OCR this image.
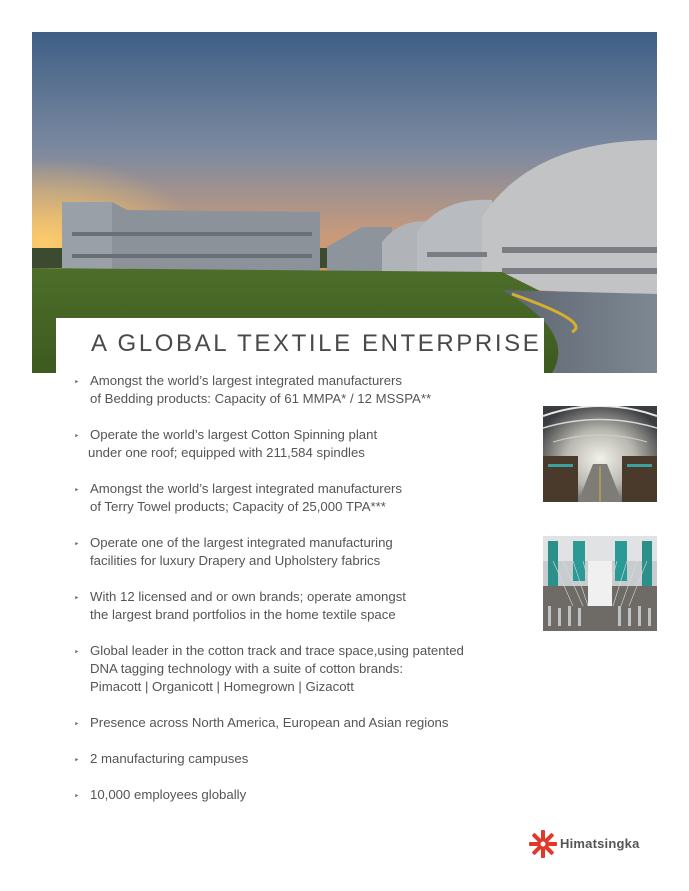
A GLOBAL TEXTILE ENTERPRISE
‣ Amongst the world’s largest integrated manufacturers
of Bedding products: Capacity of 61 MMPA* / 12 MSSPA**
‣ Operate the world’s largest Cotton Spinning plant
under one roof; equipped with 211,584 spindles
‣ Amongst the world’s largest integrated manufacturers
of Terry Towel products; Capacity of 25,000 TPA***
‣ Operate one of the largest integrated manufacturing
facilities for luxury Drapery and Upholstery fabrics
‣ With 12 licensed and or own brands; operate amongst
the largest brand portfolios in the home textile space
‣ Global leader in the cotton track and trace space,using patented
DNA tagging technology with a suite of cotton brands:
Pimacott | Organicott | Homegrown | Gizacott
‣ Presence across North America, European and Asian regions
‣ 2 manufacturing campuses
‣ 10,000 employees globally
Himatsingka
